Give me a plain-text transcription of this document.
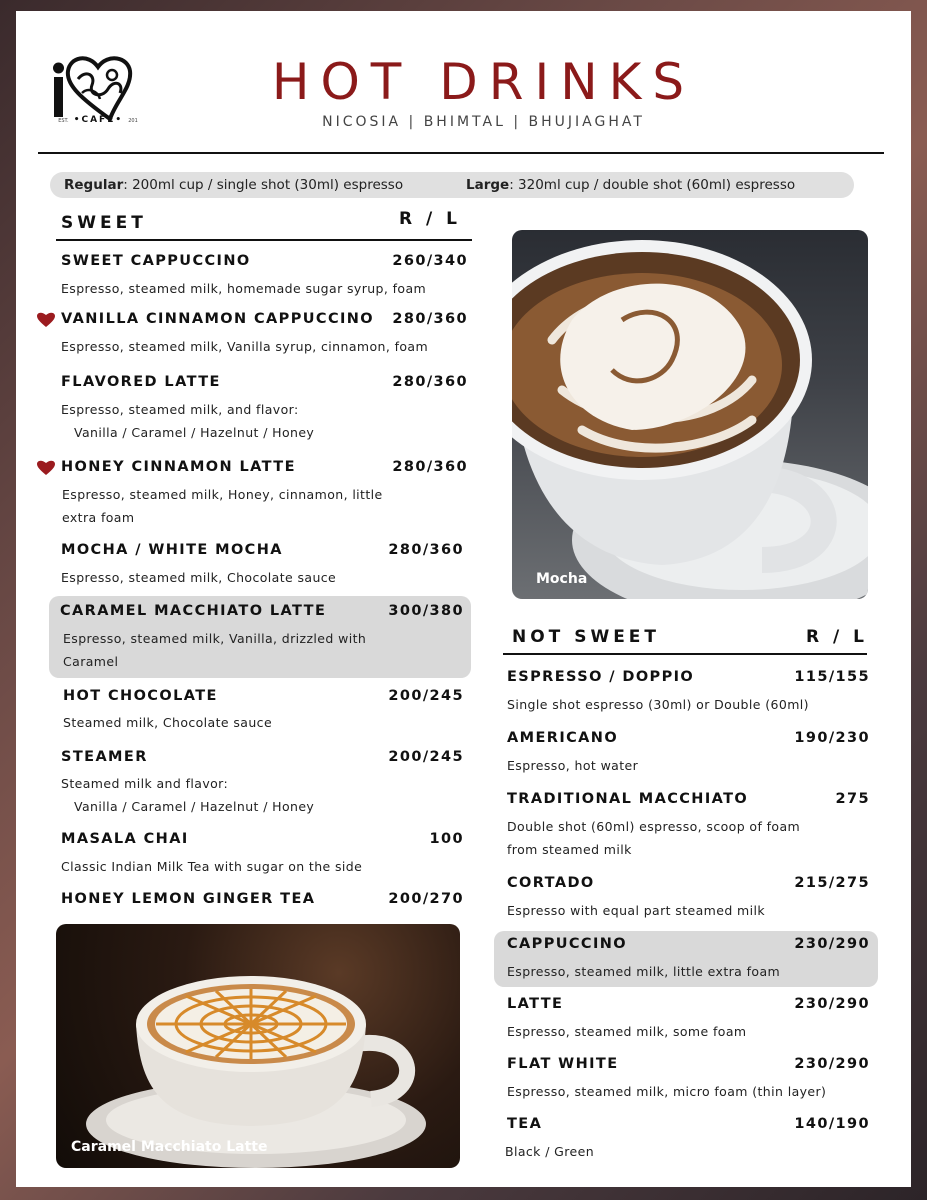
EST. •CAFE• 201
HOT DRINKS
NICOSIA | BHIMTAL | BHUJIAGHAT
Regular: 200ml cup / single shot (30ml) espresso	Large: 320ml cup / double shot (60ml) espresso
SWEET	R / L
SWEET CAPPUCCINO	260/340
Espresso, steamed milk, homemade sugar syrup, foam
VANILLA CINNAMON CAPPUCCINO	280/360
Espresso, steamed milk, Vanilla syrup, cinnamon, foam
FLAVORED LATTE	280/360
Espresso, steamed milk, and flavor:
Vanilla / Caramel / Hazelnut / Honey
HONEY CINNAMON LATTE	280/360
Espresso, steamed milk, Honey, cinnamon, little
extra foam
MOCHA / WHITE MOCHA	280/360
Espresso, steamed milk, Chocolate sauce
CARAMEL MACCHIATO LATTE	300/380
Espresso, steamed milk, Vanilla, drizzled with
Caramel
HOT CHOCOLATE	200/245
Steamed milk, Chocolate sauce
STEAMER	200/245
Steamed milk and flavor:
Vanilla / Caramel / Hazelnut / Honey
MASALA CHAI	100
Classic Indian Milk Tea with sugar on the side
HONEY LEMON GINGER TEA	200/270
Caramel Macchiato Latte
Mocha
NOT SWEET	R / L
ESPRESSO / DOPPIO	115/155
Single shot espresso (30ml) or Double (60ml)
AMERICANO	190/230
Espresso, hot water
TRADITIONAL MACCHIATO	275
Double shot (60ml) espresso, scoop of foam
from steamed milk
CORTADO	215/275
Espresso with equal part steamed milk
CAPPUCCINO	230/290
Espresso, steamed milk, little extra foam
LATTE	230/290
Espresso, steamed milk, some foam
FLAT WHITE	230/290
Espresso, steamed milk, micro foam (thin layer)
TEA	140/190
Black / Green
